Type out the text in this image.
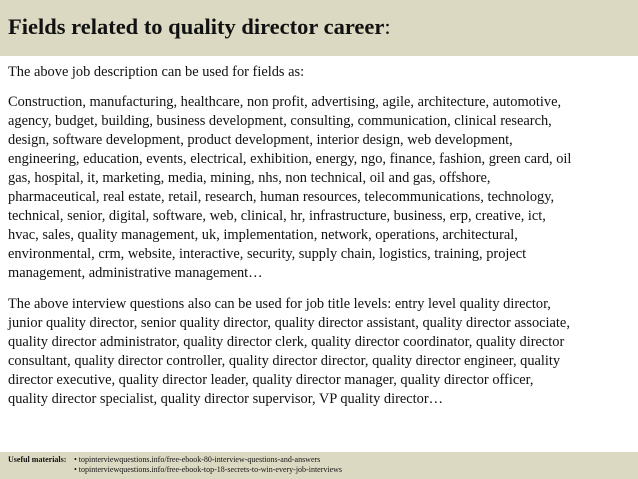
Fields related to quality director career:
The above job description can be used for fields as:
Construction, manufacturing, healthcare, non profit, advertising, agile, architecture, automotive,
agency, budget, building, business development, consulting, communication, clinical research,
design, software development, product development, interior design, web development,
engineering, education, events, electrical, exhibition, energy, ngo, finance, fashion, green card, oil
gas, hospital, it, marketing, media, mining, nhs, non technical, oil and gas, offshore,
pharmaceutical, real estate, retail, research, human resources, telecommunications, technology,
technical, senior, digital, software, web, clinical, hr, infrastructure, business, erp, creative, ict,
hvac, sales, quality management, uk, implementation, network, operations, architectural,
environmental, crm, website, interactive, security, supply chain, logistics, training, project
management, administrative management…
The above interview questions also can be used for job title levels: entry level quality director,
junior quality director, senior quality director, quality director assistant, quality director associate,
quality director administrator, quality director clerk, quality director coordinator, quality director
consultant, quality director controller, quality director director, quality director engineer, quality
director executive, quality director leader, quality director manager, quality director officer,
quality director specialist, quality director supervisor, VP quality director…
Useful materials: • topinterviewquestions.info/free-ebook-80-interview-questions-and-answers
• topinterviewquestions.info/free-ebook-top-18-secrets-to-win-every-job-interviews
